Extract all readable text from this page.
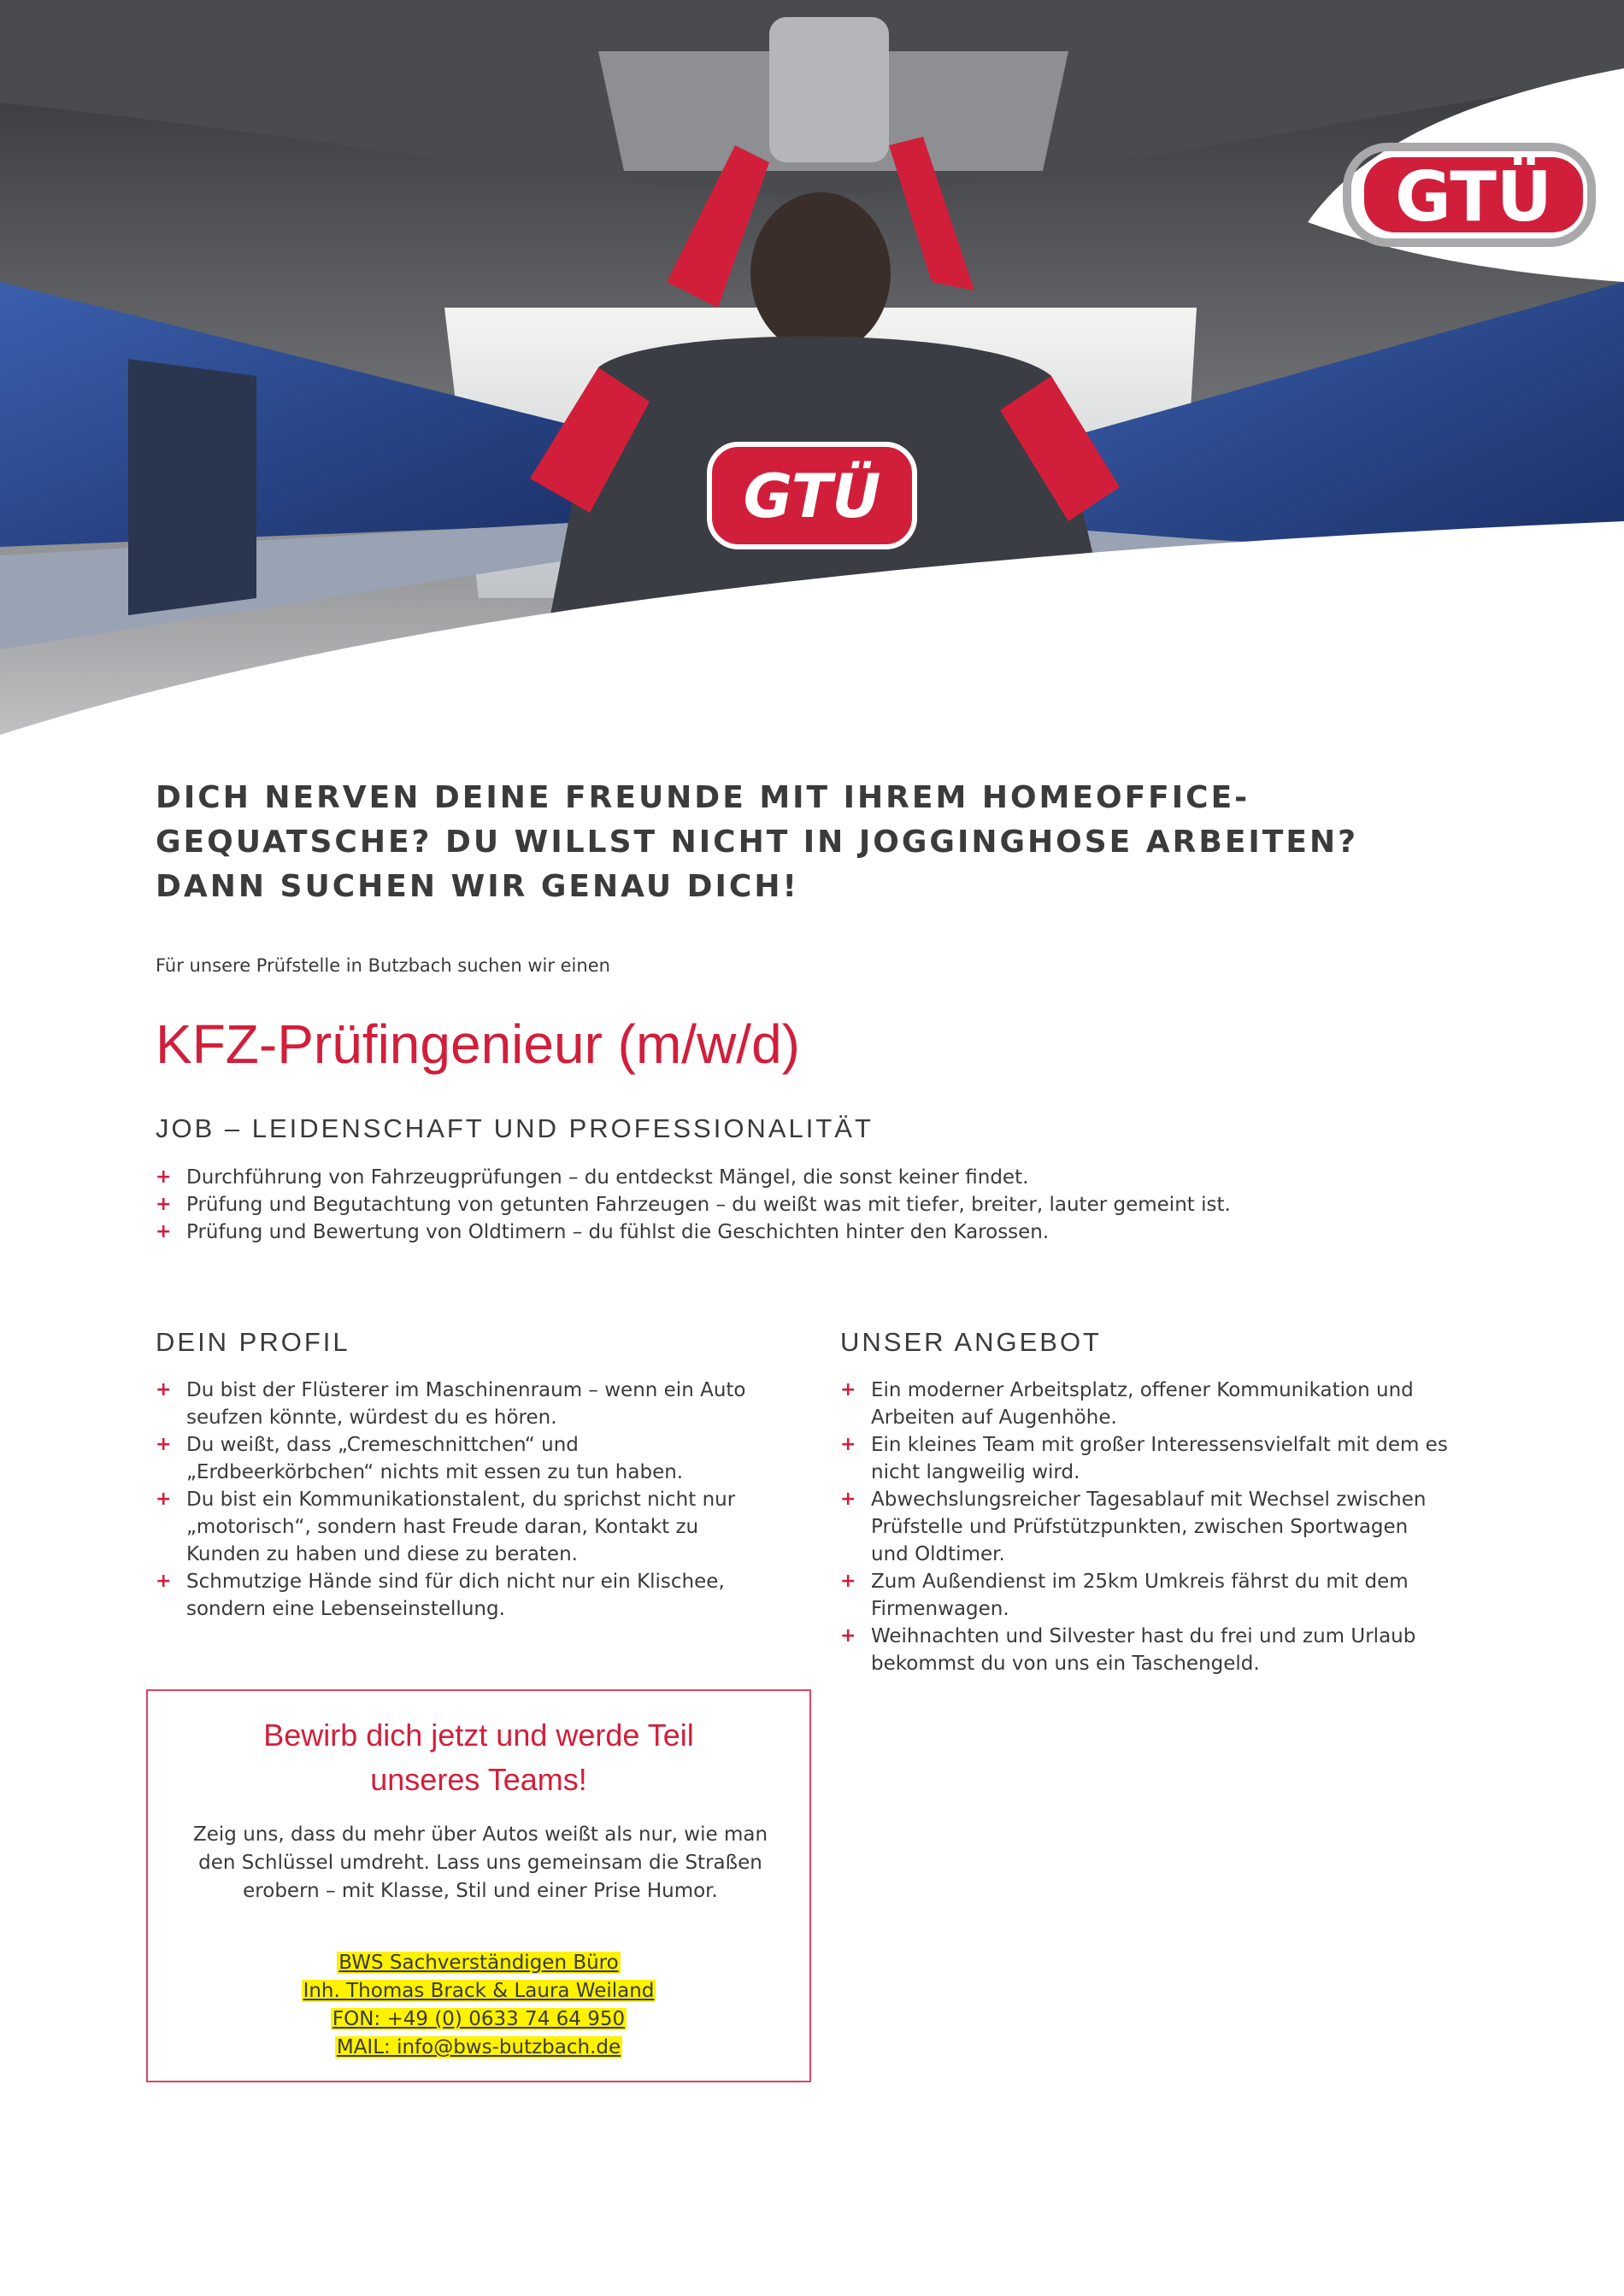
GTÜ
GTÜ
DICH NERVEN DEINE FREUNDE MIT IHREM HOMEOFFICE-
GEQUATSCHE? DU WILLST NICHT IN JOGGINGHOSE ARBEITEN?
DANN SUCHEN WIR GENAU DICH!

Für unsere Prüfstelle in Butzbach suchen wir einen

KFZ-Prüfingenieur (m/w/d)
JOB – LEIDENSCHAFT UND PROFESSIONALITÄT
+ Durchführung von Fahrzeugprüfungen – du entdeckst Mängel, die sonst keiner findet.
+ Prüfung und Begutachtung von getunten Fahrzeugen – du weißt was mit tiefer, breiter, lauter gemeint ist.
+ Prüfung und Bewertung von Oldtimern – du fühlst die Geschichten hinter den Karossen.
DEIN PROFIL
+ Du bist der Flüsterer im Maschinenraum – wenn ein Auto
seufzen könnte, würdest du es hören.
+ Du weißt, dass „Cremeschnittchen“ und
„Erdbeerkörbchen“ nichts mit essen zu tun haben.
+ Du bist ein Kommunikationstalent, du sprichst nicht nur
„motorisch“, sondern hast Freude daran, Kontakt zu
Kunden zu haben und diese zu beraten.
+ Schmutzige Hände sind für dich nicht nur ein Klischee,
sondern eine Lebenseinstellung.
UNSER ANGEBOT
+ Ein moderner Arbeitsplatz, offener Kommunikation und
Arbeiten auf Augenhöhe.
+ Ein kleines Team mit großer Interessensvielfalt mit dem es
nicht langweilig wird.
+ Abwechslungsreicher Tagesablauf mit Wechsel zwischen
Prüfstelle und Prüfstützpunkten, zwischen Sportwagen
und Oldtimer.
+ Zum Außendienst im 25km Umkreis fährst du mit dem
Firmenwagen.
+ Weihnachten und Silvester hast du frei und zum Urlaub
bekommst du von uns ein Taschengeld.
Bewirb dich jetzt und werde Teil
unseres Teams!

Zeig uns, dass du mehr über Autos weißt als nur, wie man
den Schlüssel umdreht. Lass uns gemeinsam die Straßen
erobern – mit Klasse, Stil und einer Prise Humor.

BWS Sachverständigen Büro
Inh. Thomas Brack & Laura Weiland
FON: +49 (0) 0633 74 64 950
MAIL: info@bws-butzbach.de
